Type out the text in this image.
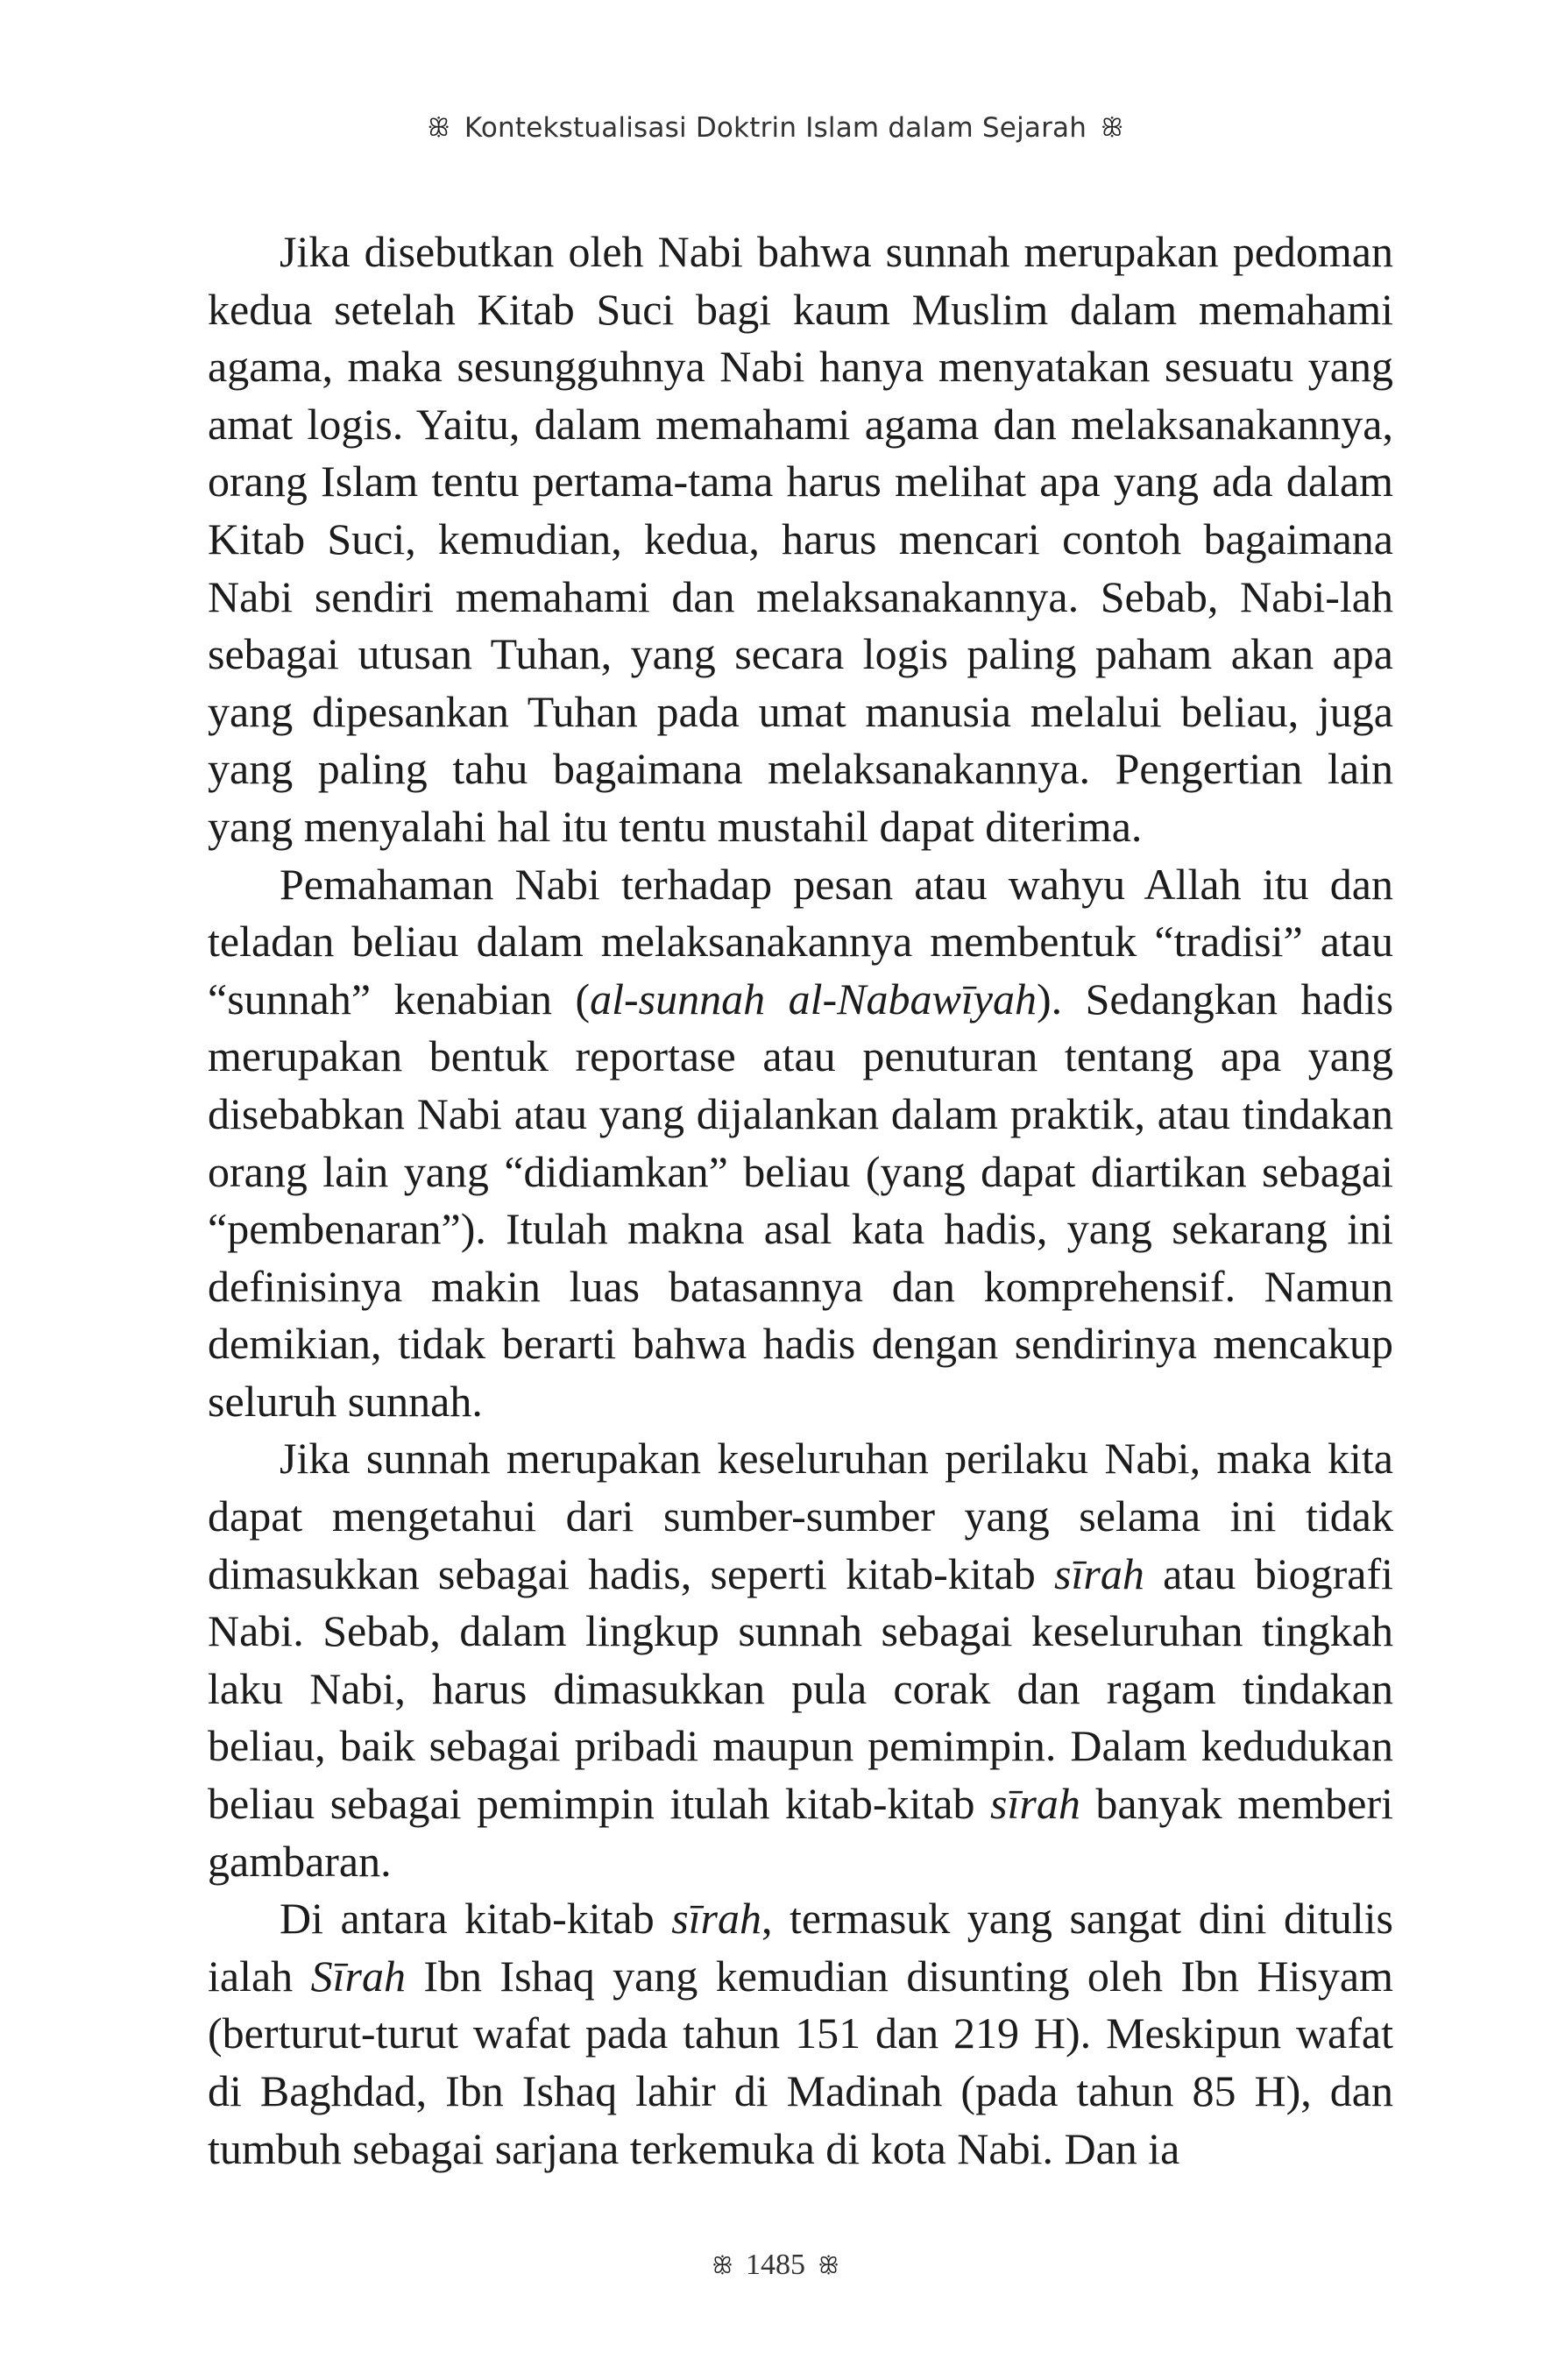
ꕥ Kontekstualisasi Doktrin Islam dalam Sejarah ꕥ

Jika disebutkan oleh Nabi bahwa sunnah merupakan pedoman kedua setelah Kitab Suci bagi kaum Muslim dalam memahami agama, maka sesungguhnya Nabi hanya menyatakan sesuatu yang amat logis. Yaitu, dalam memahami agama dan melaksanakannya, orang Islam tentu pertama-tama harus melihat apa yang ada dalam Kitab Suci, kemudian, kedua, harus mencari contoh bagaimana Nabi sendiri memahami dan melaksanakannya. Sebab, Nabi-lah sebagai utusan Tuhan, yang secara logis paling paham akan apa yang dipesankan Tuhan pada umat manusia melalui beliau, juga yang paling tahu bagaimana melaksanakannya. Pengertian lain yang menyalahi hal itu tentu mustahil dapat diterima.

Pemahaman Nabi terhadap pesan atau wahyu Allah itu dan teladan beliau dalam melaksanakannya membentuk “tradisi” atau “sunnah” kenabian (al-sunnah al-Nabawīyah). Sedangkan hadis merupakan bentuk reportase atau penuturan tentang apa yang disebabkan Nabi atau yang dijalankan dalam praktik, atau tindakan orang lain yang “didiamkan” beliau (yang dapat diartikan sebagai “pembenaran”). Itulah makna asal kata hadis, yang sekarang ini definisinya makin luas batasannya dan komprehensif. Namun demikian, tidak berarti bahwa hadis dengan sendirinya mencakup seluruh sunnah.

Jika sunnah merupakan keseluruhan perilaku Nabi, maka kita dapat mengetahui dari sumber-sumber yang selama ini tidak dimasukkan sebagai hadis, seperti kitab-kitab sīrah atau biografi Nabi. Sebab, dalam lingkup sunnah sebagai keseluruhan tingkah laku Nabi, harus dimasukkan pula corak dan ragam tindakan beliau, baik sebagai pribadi maupun pemimpin. Dalam kedudukan beliau sebagai pemimpin itulah kitab-kitab sīrah banyak memberi gambaran.

Di antara kitab-kitab sīrah, termasuk yang sangat dini ditulis ialah Sīrah Ibn Ishaq yang kemudian disunting oleh Ibn Hisyam (berturut-turut wafat pada tahun 151 dan 219 H). Meskipun wafat di Baghdad, Ibn Ishaq lahir di Madinah (pada tahun 85 H), dan tumbuh sebagai sarjana terkemuka di kota Nabi. Dan ia

ꕥ 1485 ꕥ
